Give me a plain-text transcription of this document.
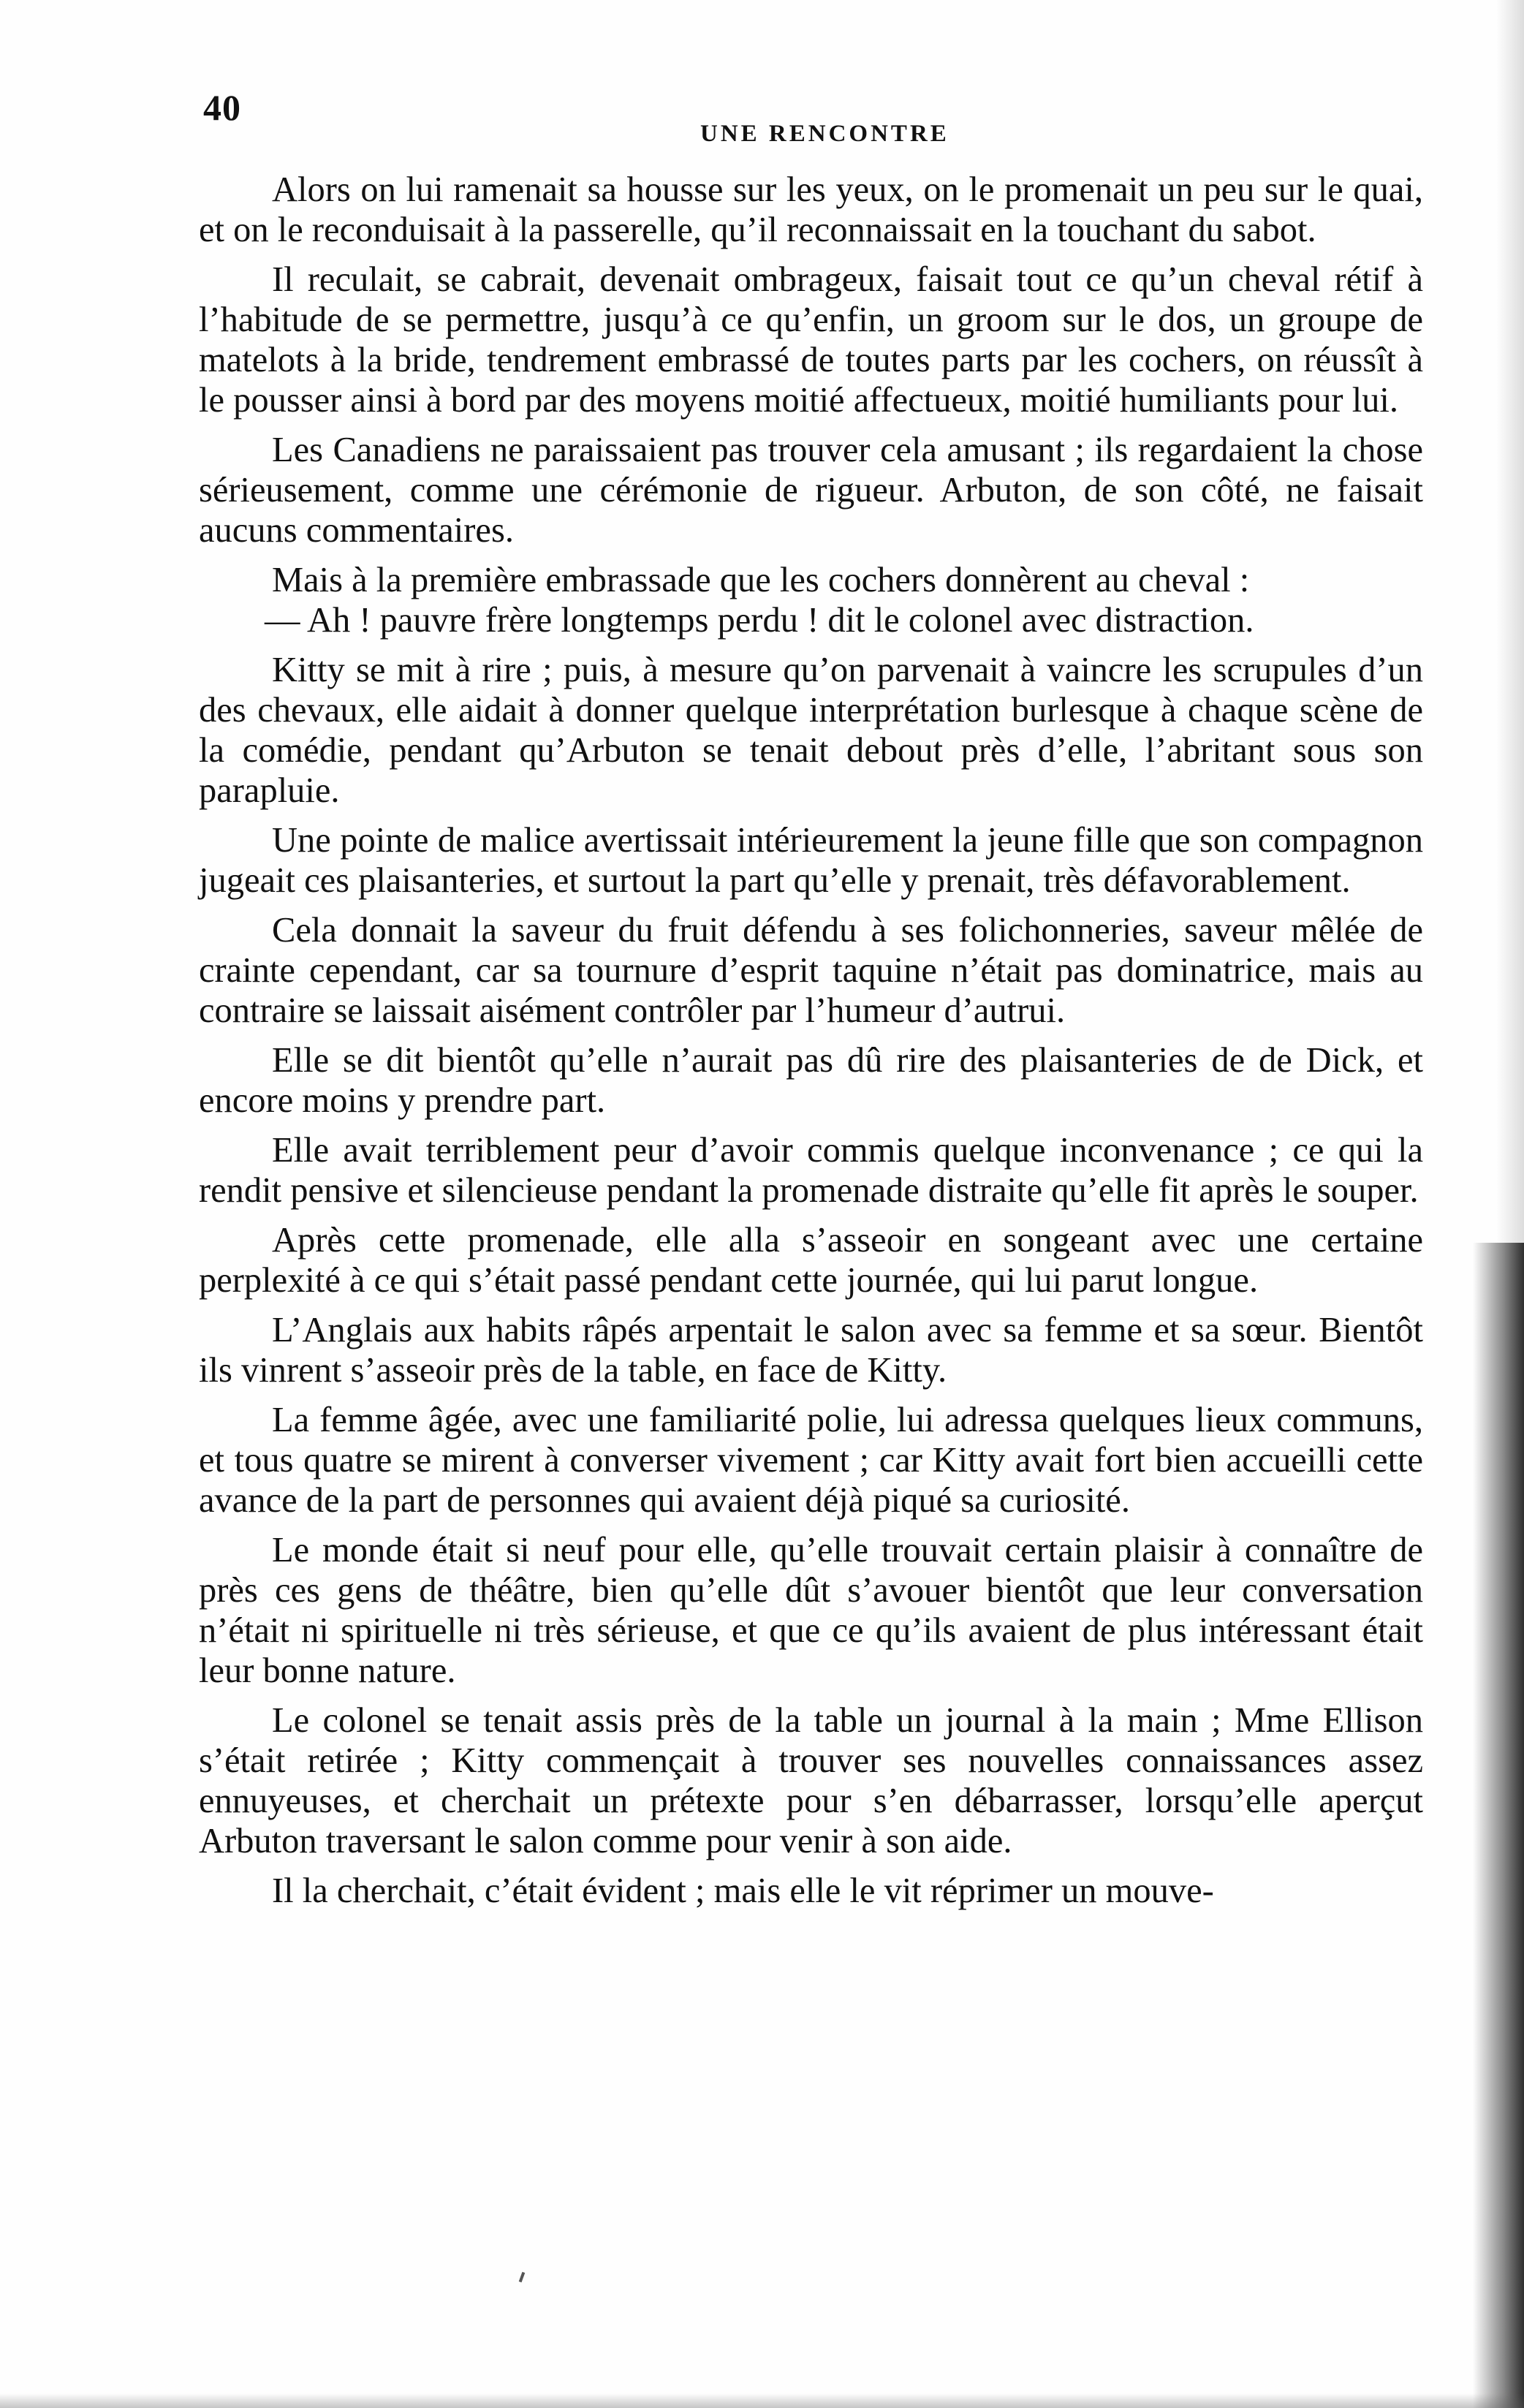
40
UNE RENCONTRE

Alors on lui ramenait sa housse sur les yeux, on le promenait un peu sur le quai, et on le reconduisait à la passerelle, qu’il reconnaissait en la touchant du sabot.

Il reculait, se cabrait, devenait ombrageux, faisait tout ce qu’un cheval rétif à l’habitude de se permettre, jusqu’à ce qu’enfin, un groom sur le dos, un groupe de matelots à la bride, tendrement embrassé de toutes parts par les cochers, on réussît à le pousser ainsi à bord par des moyens moitié affectueux, moitié humiliants pour lui.

Les Canadiens ne paraissaient pas trouver cela amusant ; ils regardaient la chose sérieusement, comme une cérémonie de rigueur. Arbuton, de son côté, ne faisait aucuns commentaires.

Mais à la première embrassade que les cochers donnèrent au cheval :

— Ah ! pauvre frère longtemps perdu ! dit le colonel avec distraction.

Kitty se mit à rire ; puis, à mesure qu’on parvenait à vaincre les scrupules d’un des chevaux, elle aidait à donner quelque interprétation burlesque à chaque scène de la comédie, pendant qu’Arbuton se tenait debout près d’elle, l’abritant sous son parapluie.

Une pointe de malice avertissait intérieurement la jeune fille que son compagnon jugeait ces plaisanteries, et surtout la part qu’elle y prenait, très défavorablement.

Cela donnait la saveur du fruit défendu à ses folichonneries, saveur mêlée de crainte cependant, car sa tournure d’esprit taquine n’était pas dominatrice, mais au contraire se laissait aisément contrôler par l’humeur d’autrui.

Elle se dit bientôt qu’elle n’aurait pas dû rire des plaisanteries de de Dick, et encore moins y prendre part.

Elle avait terriblement peur d’avoir commis quelque inconvenance ; ce qui la rendit pensive et silencieuse pendant la promenade distraite qu’elle fit après le souper.

Après cette promenade, elle alla s’asseoir en songeant avec une certaine perplexité à ce qui s’était passé pendant cette journée, qui lui parut longue.

L’Anglais aux habits râpés arpentait le salon avec sa femme et sa sœur. Bientôt ils vinrent s’asseoir près de la table, en face de Kitty.

La femme âgée, avec une familiarité polie, lui adressa quelques lieux communs, et tous quatre se mirent à converser vivement ; car Kitty avait fort bien accueilli cette avance de la part de personnes qui avaient déjà piqué sa curiosité.

Le monde était si neuf pour elle, qu’elle trouvait certain plaisir à connaître de près ces gens de théâtre, bien qu’elle dût s’avouer bientôt que leur conversation n’était ni spirituelle ni très sérieuse, et que ce qu’ils avaient de plus intéressant était leur bonne nature.

Le colonel se tenait assis près de la table un journal à la main ; Mme Ellison s’était retirée ; Kitty commençait à trouver ses nouvelles connaissances assez ennuyeuses, et cherchait un prétexte pour s’en débarrasser, lorsqu’elle aperçut Arbuton traversant le salon comme pour venir à son aide.

Il la cherchait, c’était évident ; mais elle le vit réprimer un mouve-
